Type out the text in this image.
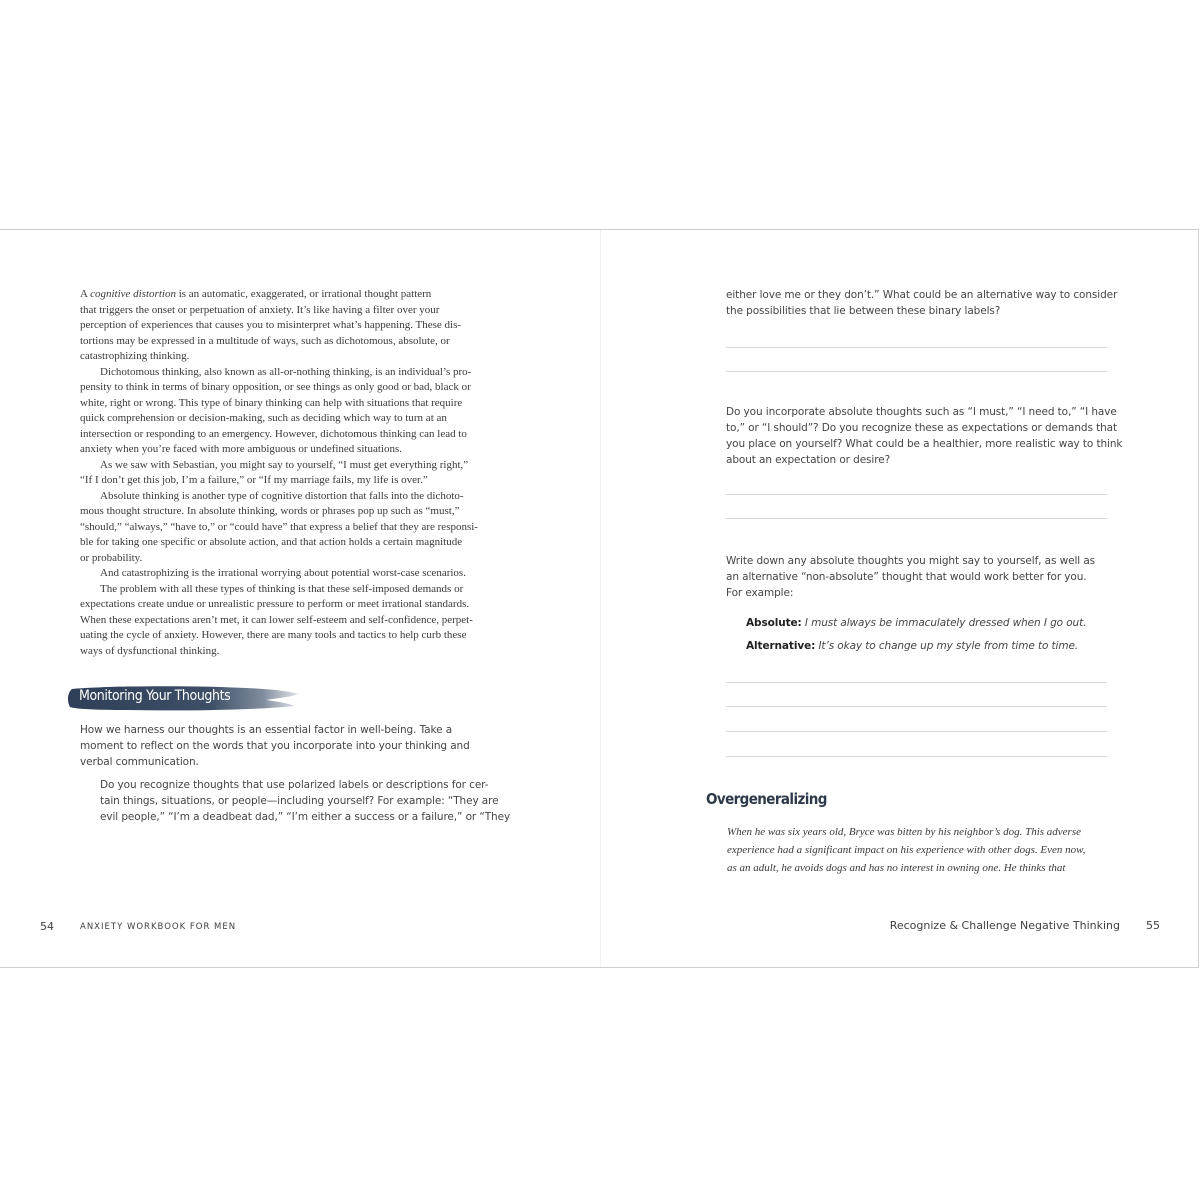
A cognitive distortion is an automatic, exaggerated, or irrational thought pattern
that triggers the onset or perpetuation of anxiety. It’s like having a filter over your
perception of experiences that causes you to misinterpret what’s happening. These dis-
tortions may be expressed in a multitude of ways, such as dichotomous, absolute, or
catastrophizing thinking.
Dichotomous thinking, also known as all-or-nothing thinking, is an individual’s pro-
pensity to think in terms of binary opposition, or see things as only good or bad, black or
white, right or wrong. This type of binary thinking can help with situations that require
quick comprehension or decision-making, such as deciding which way to turn at an
intersection or responding to an emergency. However, dichotomous thinking can lead to
anxiety when you’re faced with more ambiguous or undefined situations.
As we saw with Sebastian, you might say to yourself, “I must get everything right,”
“If I don’t get this job, I’m a failure,” or “If my marriage fails, my life is over.”
Absolute thinking is another type of cognitive distortion that falls into the dichoto-
mous thought structure. In absolute thinking, words or phrases pop up such as “must,”
“should,” “always,” “have to,” or “could have” that express a belief that they are responsi-
ble for taking one specific or absolute action, and that action holds a certain magnitude
or probability.
And catastrophizing is the irrational worrying about potential worst-case scenarios.
The problem with all these types of thinking is that these self-imposed demands or
expectations create undue or unrealistic pressure to perform or meet irrational standards.
When these expectations aren’t met, it can lower self-esteem and self-confidence, perpet-
uating the cycle of anxiety. However, there are many tools and tactics to help curb these
ways of dysfunctional thinking.
Monitoring Your Thoughts
How we harness our thoughts is an essential factor in well-being. Take a
moment to reflect on the words that you incorporate into your thinking and
verbal communication.
Do you recognize thoughts that use polarized labels or descriptions for cer-
tain things, situations, or people—including yourself? For example: “They are
evil people,” “I’m a deadbeat dad,” “I’m either a success or a failure,” or “They
54	ANXIETY WORKBOOK FOR MEN
either love me or they don’t.” What could be an alternative way to consider
the possibilities that lie between these binary labels?
Do you incorporate absolute thoughts such as “I must,” “I need to,” “I have
to,” or “I should”? Do you recognize these as expectations or demands that
you place on yourself? What could be a healthier, more realistic way to think
about an expectation or desire?
Write down any absolute thoughts you might say to yourself, as well as
an alternative “non-absolute” thought that would work better for you.
For example:
Absolute: I must always be immaculately dressed when I go out.
Alternative: It’s okay to change up my style from time to time.
Overgeneralizing
When he was six years old, Bryce was bitten by his neighbor’s dog. This adverse
experience had a significant impact on his experience with other dogs. Even now,
as an adult, he avoids dogs and has no interest in owning one. He thinks that
Recognize & Challenge Negative Thinking 55
